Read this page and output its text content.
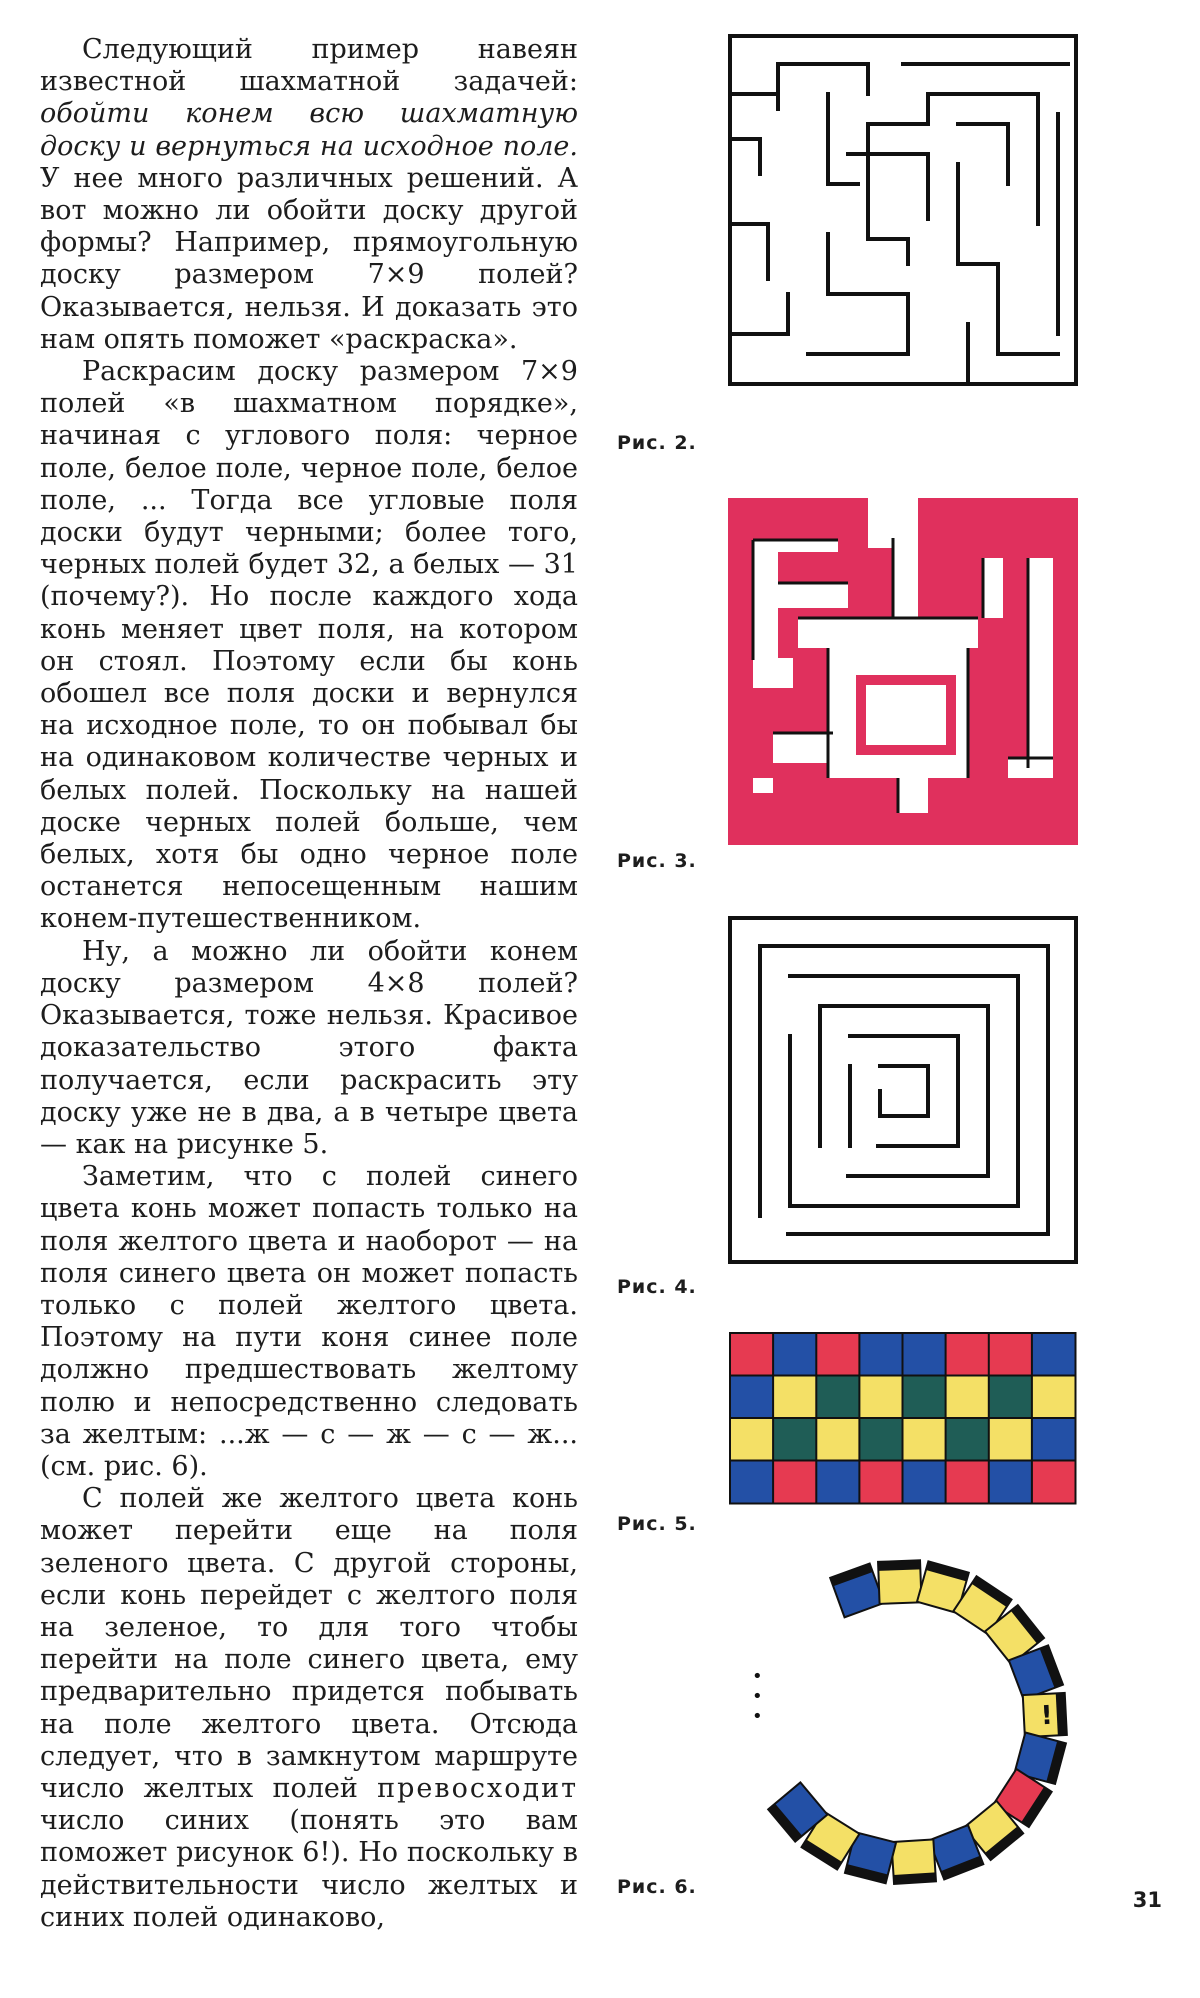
Следующий пример навеян известной шахматной задачей: обойти конем всю шахматную доску и вернуться на исходное поле. У нее много различных решений. А вот можно ли обойти доску другой формы? Например, прямоугольную доску размером 7×9 полей? Оказывается, нельзя. И доказать это нам опять поможет «раскраска».

Раскрасим доску размером 7×9 полей «в шахматном порядке», начиная с углового поля: черное поле, белое поле, черное поле, белое поле, ... Тогда все угловые поля доски будут черными; более того, черных полей будет 32, а белых — 31 (почему?). Но после каждого хода конь меняет цвет поля, на котором он стоял. Поэтому если бы конь обошел все поля доски и вернулся на исходное поле, то он побывал бы на одинаковом количестве черных и белых полей. Поскольку на нашей доске черных полей больше, чем белых, хотя бы одно черное поле останется непосещенным нашим конем-путешественником.

Ну, а можно ли обойти конем доску размером 4×8 полей? Оказывается, тоже нельзя. Красивое доказательство этого факта получается, если раскрасить эту доску уже не в два, а в четыре цвета — как на рисунке 5.

Заметим, что с полей синего цвета конь может попасть только на поля желтого цвета и наоборот — на поля синего цвета он может попасть только с полей желтого цвета. Поэтому на пути коня синее поле должно предшествовать желтому полю и непосредственно следовать за желтым: ...ж — с — ж — с — ж... (см. рис. 6).

С полей же желтого цвета конь может перейти еще на поля зеленого цвета. С другой стороны, если конь перейдет с желтого поля на зеленое, то для того чтобы перейти на поле синего цвета, ему предварительно придется побывать на поле желтого цвета. Отсюда следует, что в замкнутом маршруте число желтых полей превосходит число синих (понять это вам поможет рисунок 6!). Но поскольку в действительности число желтых и синих полей одинаково,

Рис. 2.
Рис. 3.
Рис. 4.
Рис. 5.
• • •	!
Рис. 6.
31
